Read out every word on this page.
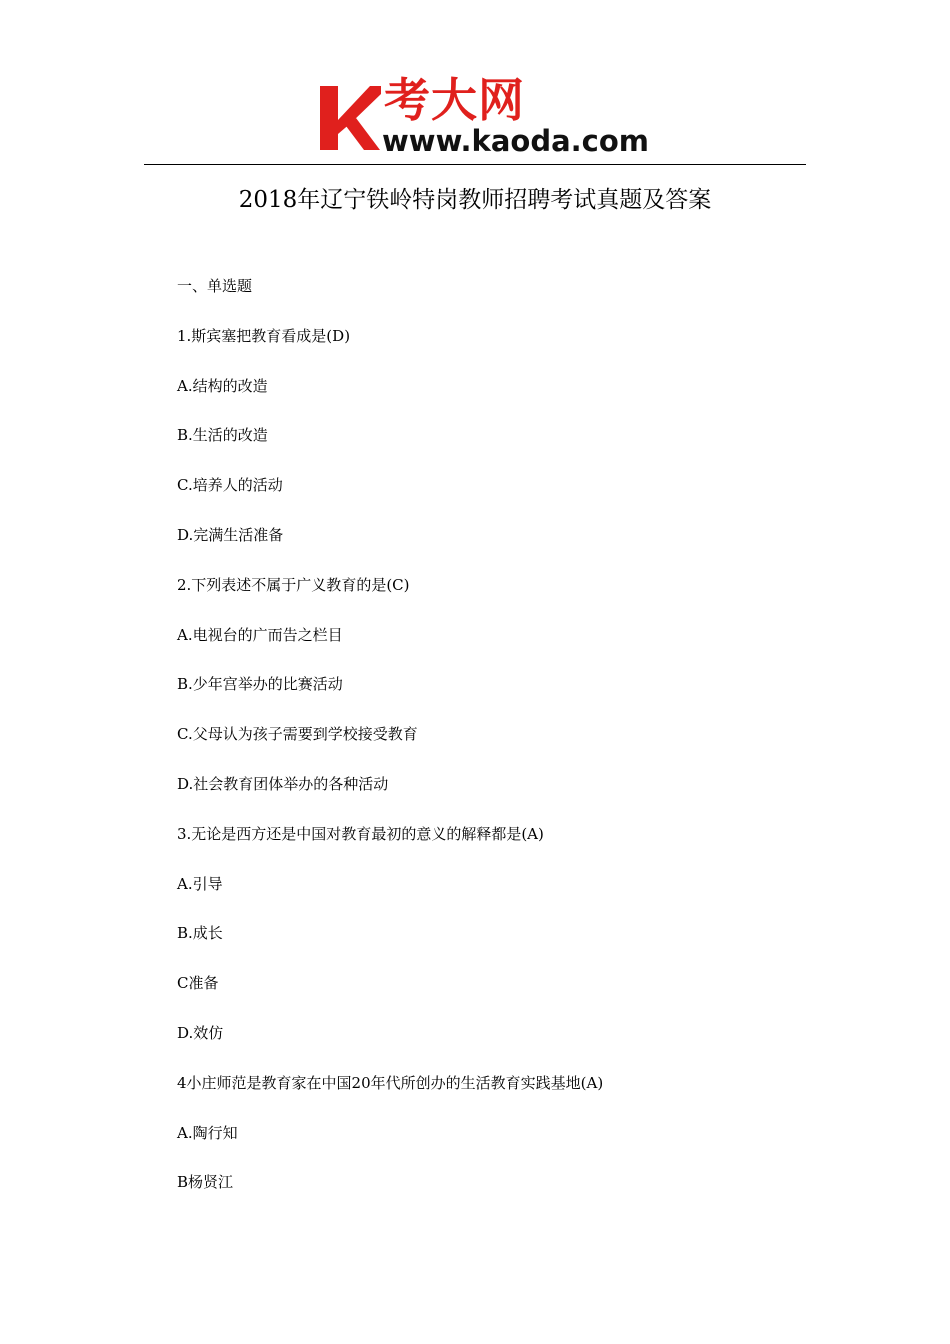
考大网
www.kaoda.com
2018年辽宁铁岭特岗教师招聘考试真题及答案
一、单选题
1.斯宾塞把教育看成是(D)
A.结构的改造
B.生活的改造
C.培养人的活动
D.完满生活准备
2.下列表述不属于广义教育的是(C)
A.电视台的广而告之栏目
B.少年宫举办的比赛活动
C.父母认为孩子需要到学校接受教育
D.社会教育团体举办的各种活动
3.无论是西方还是中国对教育最初的意义的解释都是(A)
A.引导
B.成长
C准备
D.效仿
4小庄师范是教育家在中国20年代所创办的生活教育实践基地(A)
A.陶行知
B杨贤江
